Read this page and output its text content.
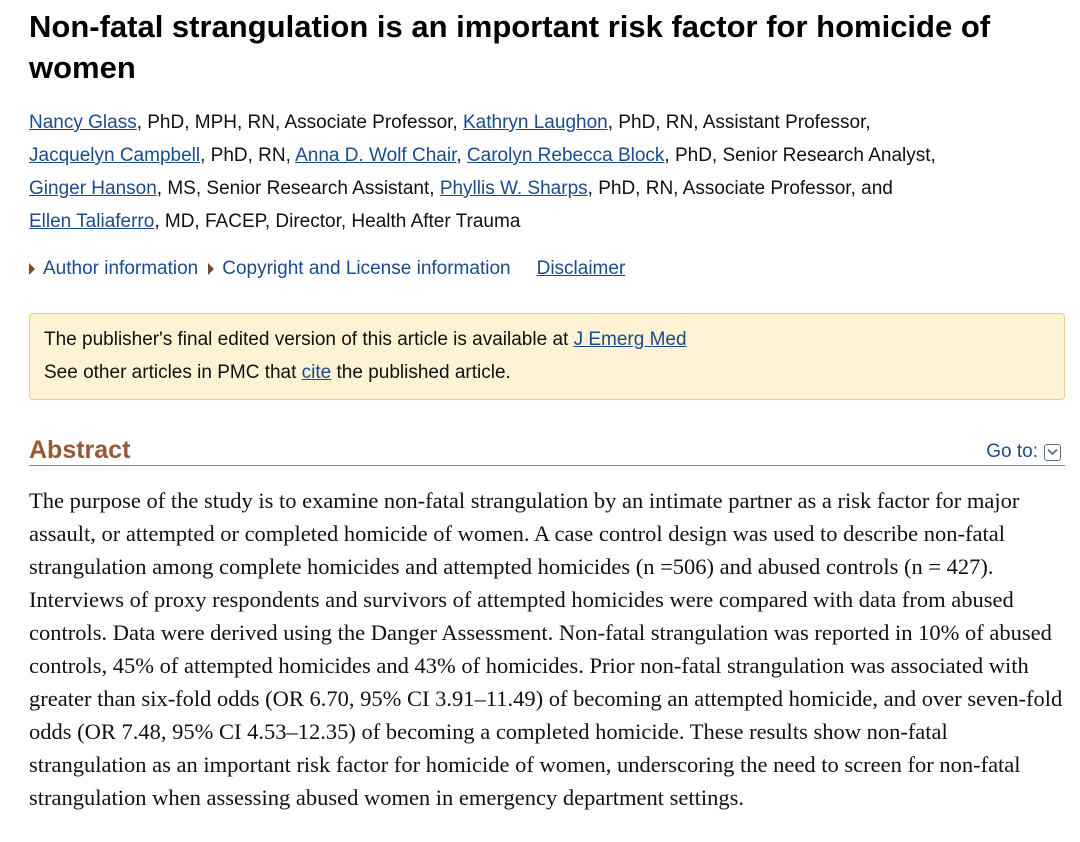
Non-fatal strangulation is an important risk factor for homicide of women
Nancy Glass, PhD, MPH, RN, Associate Professor, Kathryn Laughon, PhD, RN, Assistant Professor,
Jacquelyn Campbell, PhD, RN, Anna D. Wolf Chair, Carolyn Rebecca Block, PhD, Senior Research Analyst,
Ginger Hanson, MS, Senior Research Assistant, Phyllis W. Sharps, PhD, RN, Associate Professor, and
Ellen Taliaferro, MD, FACEP, Director, Health After Trauma
Author information Copyright and License information Disclaimer
The publisher's final edited version of this article is available at J Emerg Med
See other articles in PMC that cite the published article.
Abstract	Go to:

The purpose of the study is to examine non-fatal strangulation by an intimate partner as a risk factor for major assault, or attempted or completed homicide of women. A case control design was used to describe non-fatal strangulation among complete homicides and attempted homicides (n =506) and abused controls (n = 427). Interviews of proxy respondents and survivors of attempted homicides were compared with data from abused controls. Data were derived using the Danger Assessment. Non-fatal strangulation was reported in 10% of abused controls, 45% of attempted homicides and 43% of homicides. Prior non-fatal strangulation was associated with greater than six-fold odds (OR 6.70, 95% CI 3.91–11.49) of becoming an attempted homicide, and over seven-fold odds (OR 7.48, 95% CI 4.53–12.35) of becoming a completed homicide. These results show non-fatal strangulation as an important risk factor for homicide of women, underscoring the need to screen for non-fatal strangulation when assessing abused women in emergency department settings.
